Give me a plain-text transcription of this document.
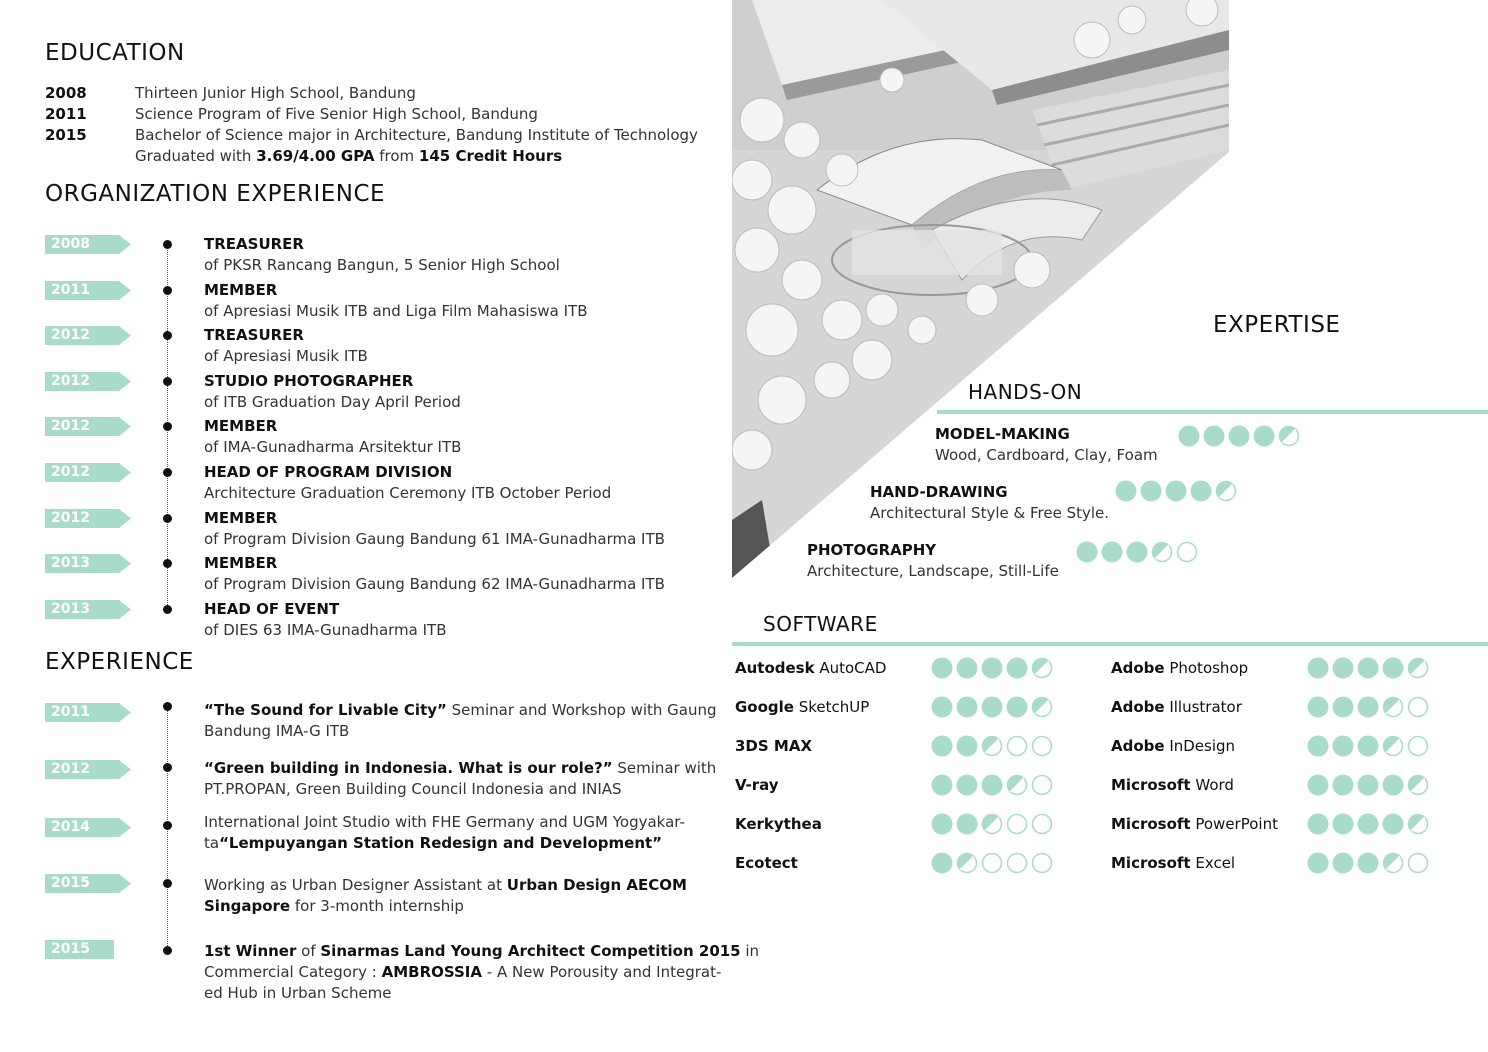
EDUCATION
2008	Thirteen Junior High School, Bandung
2011	Science Program of Five Senior High School, Bandung
2015	Bachelor of Science major in Architecture, Bandung Institute of Technology
Graduated with 3.69/4.00 GPA from 145 Credit Hours
ORGANIZATION EXPERIENCE
2008	TREASURER
of PKSR Rancang Bangun, 5 Senior High School
2011	MEMBER
of Apresiasi Musik ITB and Liga Film Mahasiswa ITB
2012	TREASURER
of Apresiasi Musik ITB
2012	STUDIO PHOTOGRAPHER
of ITB Graduation Day April Period
2012	MEMBER
of IMA-Gunadharma Arsitektur ITB
2012	HEAD OF PROGRAM DIVISION
Architecture Graduation Ceremony ITB October Period
2012	MEMBER
of Program Division Gaung Bandung 61 IMA-Gunadharma ITB
2013	MEMBER
of Program Division Gaung Bandung 62 IMA-Gunadharma ITB
2013	HEAD OF EVENT
of DIES 63 IMA-Gunadharma ITB
EXPERIENCE
2011	“The Sound for Livable City” Seminar and Workshop with Gaung
Bandung IMA-G ITB
2012	“Green building in Indonesia. What is our role?” Seminar with
PT.PROPAN, Green Building Council Indonesia and INIAS
2014	International Joint Studio with FHE Germany and UGM Yogyakar-
ta“Lempuyangan Station Redesign and Development”
2015	Working as Urban Designer Assistant at Urban Design AECOM
Singapore for 3-month internship
2015	1st Winner of Sinarmas Land Young Architect Competition 2015 in
Commercial Category : AMBROSSIA - A New Porousity and Integrat-
ed Hub in Urban Scheme
EXPERTISE
HANDS-ON
MODEL-MAKING
Wood, Cardboard, Clay, Foam
HAND-DRAWING
Architectural Style & Free Style.
PHOTOGRAPHY
Architecture, Landscape, Still-Life
SOFTWARE
Autodesk AutoCAD
Google SketchUP
3DS MAX
V-ray
Kerkythea
Ecotect
Adobe Photoshop
Adobe Illustrator
Adobe InDesign
Microsoft Word
Microsoft PowerPoint
Microsoft Excel
